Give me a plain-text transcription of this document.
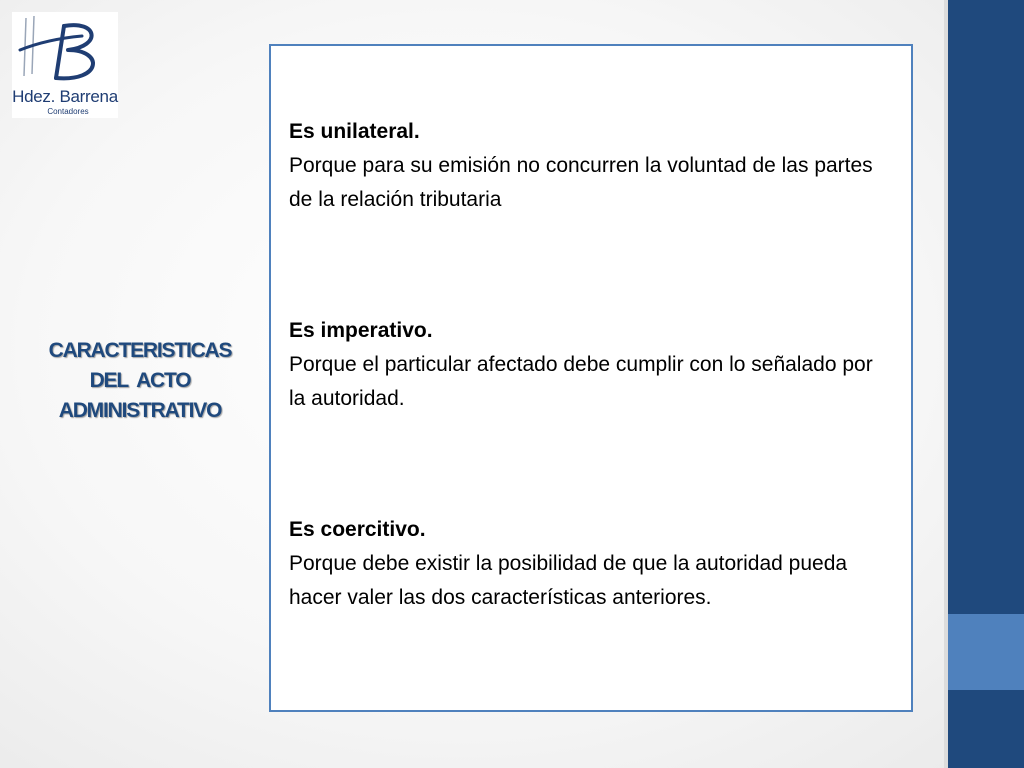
Hdez. Barrena
Contadores
CARACTERISTICAS
DEL  ACTO
ADMINISTRATIVO
Es unilateral.
Porque para su emisión no concurren la voluntad de las partes de la relación tributaria
Es imperativo.
Porque el particular afectado debe cumplir con lo señalado por la autoridad.
Es coercitivo.
Porque debe existir la posibilidad de que la autoridad pueda hacer valer las dos características anteriores.
